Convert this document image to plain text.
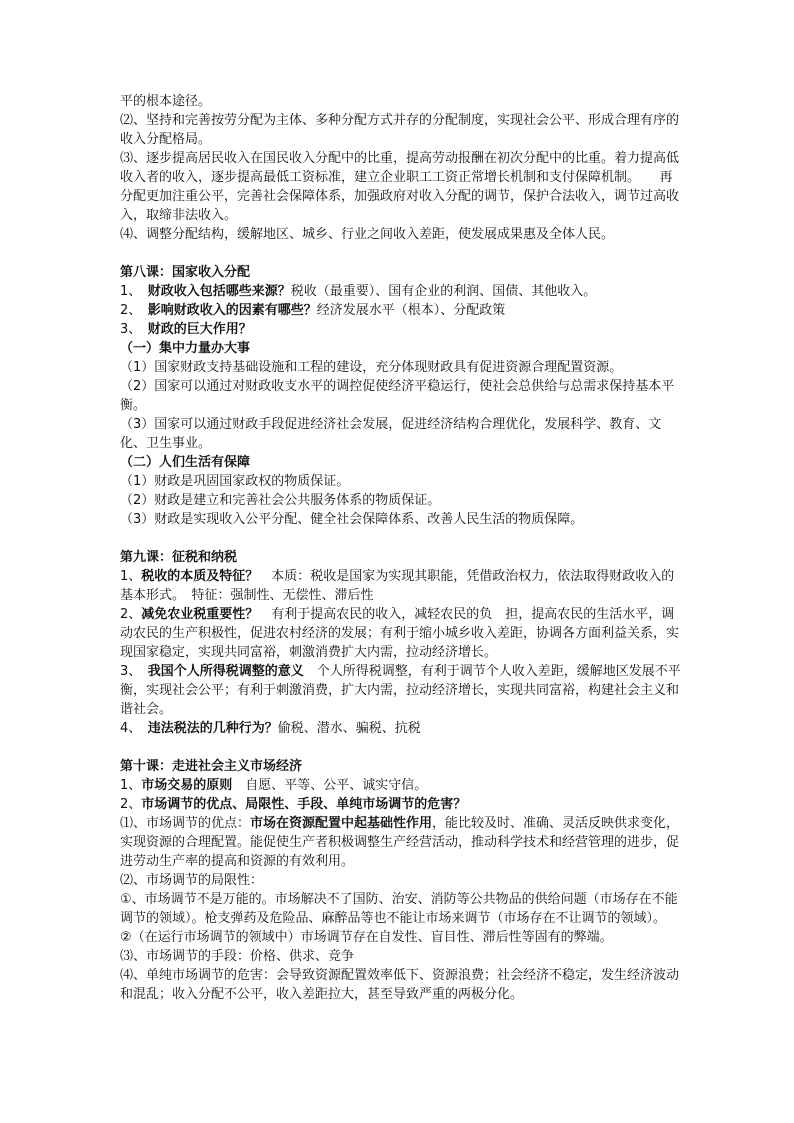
平的根本途径。

⑵、坚持和完善按劳分配为主体、多种分配方式并存的分配制度，实现社会公平、形成合理有序的收入分配格局。

⑶、逐步提高居民收入在国民收入分配中的比重，提高劳动报酬在初次分配中的比重。着力提高低收入者的收入，逐步提高最低工资标准，建立企业职工工资正常增长机制和支付保障机制。　　再分配更加注重公平，完善社会保障体系，加强政府对收入分配的调节，保护合法收入，调节过高收入，取缔非法收入。

⑷、调整分配结构，缓解地区、城乡、行业之间收入差距，使发展成果惠及全体人民。

第八课：国家收入分配

1、　财政收入包括哪些来源？税收（最重要）、国有企业的利润、国债、其他收入。

2、　影响财政收入的因素有哪些？经济发展水平（根本）、分配政策

3、　财政的巨大作用？

（一）集中力量办大事

（1）国家财政支持基础设施和工程的建设，充分体现财政具有促进资源合理配置资源。

（2）国家可以通过对财政收支水平的调控促使经济平稳运行，使社会总供给与总需求保持基本平衡。

（3）国家可以通过财政手段促进经济社会发展，促进经济结构合理优化，发展科学、教育、文化、卫生事业。

（二）人们生活有保障

（1）财政是巩固国家政权的物质保证。

（2）财政是建立和完善社会公共服务体系的物质保证。

（3）财政是实现收入公平分配、健全社会保障体系、改善人民生活的物质保障。

第九课：征税和纳税

1、税收的本质及特征？　本质：税收是国家为实现其职能，凭借政治权力，依法取得财政收入的基本形式。　特征：强制性、无偿性、滞后性

2、减免农业税重要性？　有利于提高农民的收入，减轻农民的负　担，提高农民的生活水平，调动农民的生产积极性，促进农村经济的发展；有利于缩小城乡收入差距，协调各方面利益关系，实现国家稳定，实现共同富裕，刺激消费扩大内需，拉动经济增长。

3、　我国个人所得税调整的意义　个人所得税调整，有利于调节个人收入差距，缓解地区发展不平衡，实现社会公平；有利于刺激消费，扩大内需，拉动经济增长，实现共同富裕，构建社会主义和谐社会。

4、　违法税法的几种行为？偷税、潜水、骗税、抗税

第十课：走进社会主义市场经济

1、市场交易的原则　自愿、平等、公平、诚实守信。

2、市场调节的优点、局限性、手段、单纯市场调节的危害？

⑴、市场调节的优点：市场在资源配置中起基础性作用，能比较及时、准确、灵活反映供求变化，实现资源的合理配置。能促使生产者积极调整生产经营活动，推动科学技术和经营管理的进步，促进劳动生产率的提高和资源的有效利用。

⑵、市场调节的局限性：

①、市场调节不是万能的。市场解决不了国防、治安、消防等公共物品的供给问题（市场存在不能调节的领域）。枪支弹药及危险品、麻醉品等也不能让市场来调节（市场存在不让调节的领域）。

②（在运行市场调节的领域中）市场调节存在自发性、盲目性、滞后性等固有的弊端。

⑶、市场调节的手段：价格、供求、竞争

⑷、单纯市场调节的危害：会导致资源配置效率低下、资源浪费；社会经济不稳定，发生经济波动和混乱；收入分配不公平，收入差距拉大，甚至导致严重的两极分化。
